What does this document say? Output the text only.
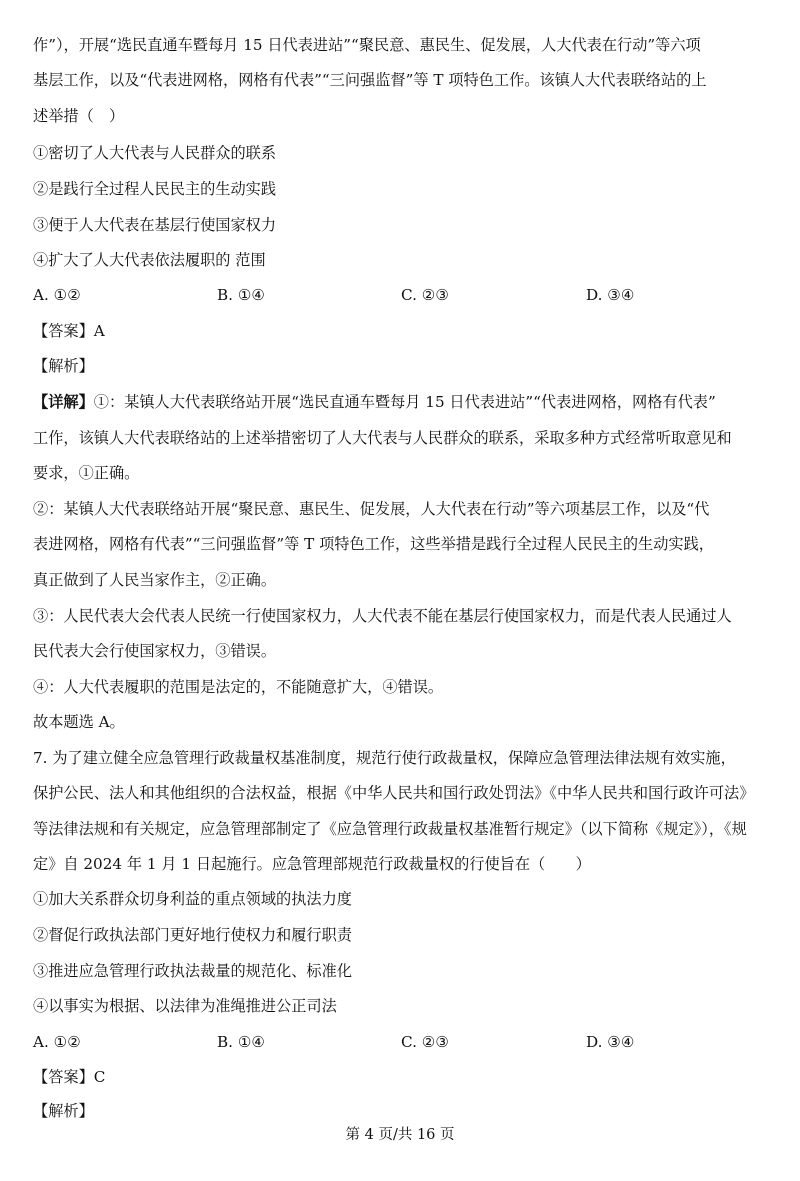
作”），开展“选民直通车暨每月 15 日代表进站”“聚民意、惠民生、促发展，人大代表在行动”等六项
基层工作，以及“代表进网格，网格有代表”“三问强监督”等 T 项特色工作。该镇人大代表联络站的上
述举措（　）
①密切了人大代表与人民群众的联系
②是践行全过程人民民主的生动实践
③便于人大代表在基层行使国家权力
④扩大了人大代表依法履职的 范围
A. ①②	B. ①④	C. ②③	D. ③④
【答案】A
【解析】
【详解】①：某镇人大代表联络站开展“选民直通车暨每月 15 日代表进站”“代表进网格，网格有代表”
工作，该镇人大代表联络站的上述举措密切了人大代表与人民群众的联系，采取多种方式经常听取意见和
要求，①正确。
②：某镇人大代表联络站开展“聚民意、惠民生、促发展，人大代表在行动”等六项基层工作，以及“代
表进网格，网格有代表”“三问强监督”等 T 项特色工作，这些举措是践行全过程人民民主的生动实践，
真正做到了人民当家作主，②正确。
③：人民代表大会代表人民统一行使国家权力，人大代表不能在基层行使国家权力，而是代表人民通过人
民代表大会行使国家权力，③错误。
④：人大代表履职的范围是法定的，不能随意扩大，④错误。
故本题选 A。
7. 为了建立健全应急管理行政裁量权基准制度，规范行使行政裁量权，保障应急管理法律法规有效实施，
保护公民、法人和其他组织的合法权益，根据《中华人民共和国行政处罚法》《中华人民共和国行政许可法》
等法律法规和有关规定，应急管理部制定了《应急管理行政裁量权基准暂行规定》（以下简称《规定》），《规
定》自 2024 年 1 月 1 日起施行。应急管理部规范行政裁量权的行使旨在（　　）
①加大关系群众切身利益的重点领域的执法力度
②督促行政执法部门更好地行使权力和履行职责
③推进应急管理行政执法裁量的规范化、标准化
④以事实为根据、以法律为准绳推进公正司法
A. ①②	B. ①④	C. ②③	D. ③④
【答案】C
【解析】
第 4 页/共 16 页
